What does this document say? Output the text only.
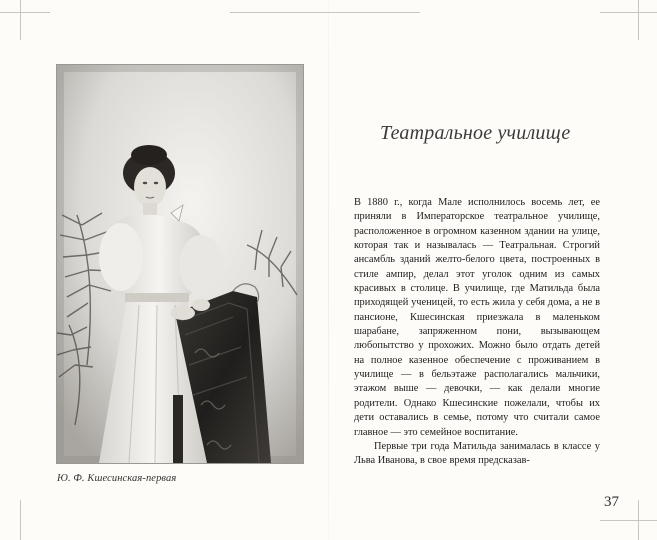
Ю. Ф. Кшесинская-первая
Театральное училище

В 1880 г., когда Мале исполнилось восемь лет, ее приняли в Императорское театральное училище, расположенное в огромном казенном здании на улице, которая так и называлась — Театральная. Строгий ансамбль зданий желто-белого цвета, построенных в стиле ампир, делал этот уголок одним из самых красивых в столице. В училище, где Матильда была приходящей ученицей, то есть жила у себя дома, а не в пансионе, Кшесинская приезжала в маленьком шарабане, запряженном пони, вызывающем любопытство у прохожих. Можно было отдать детей на полное казенное обеспечение с проживанием в училище — в бельэтаже располагались мальчики, этажом выше — девочки, — как делали многие родители. Однако Кшесинские пожелали, чтобы их дети оставались в семье, потому что считали самое главное — это семейное воспитание.

Первые три года Матильда занималась в классе у Льва Иванова, в свое время предсказав-

37
